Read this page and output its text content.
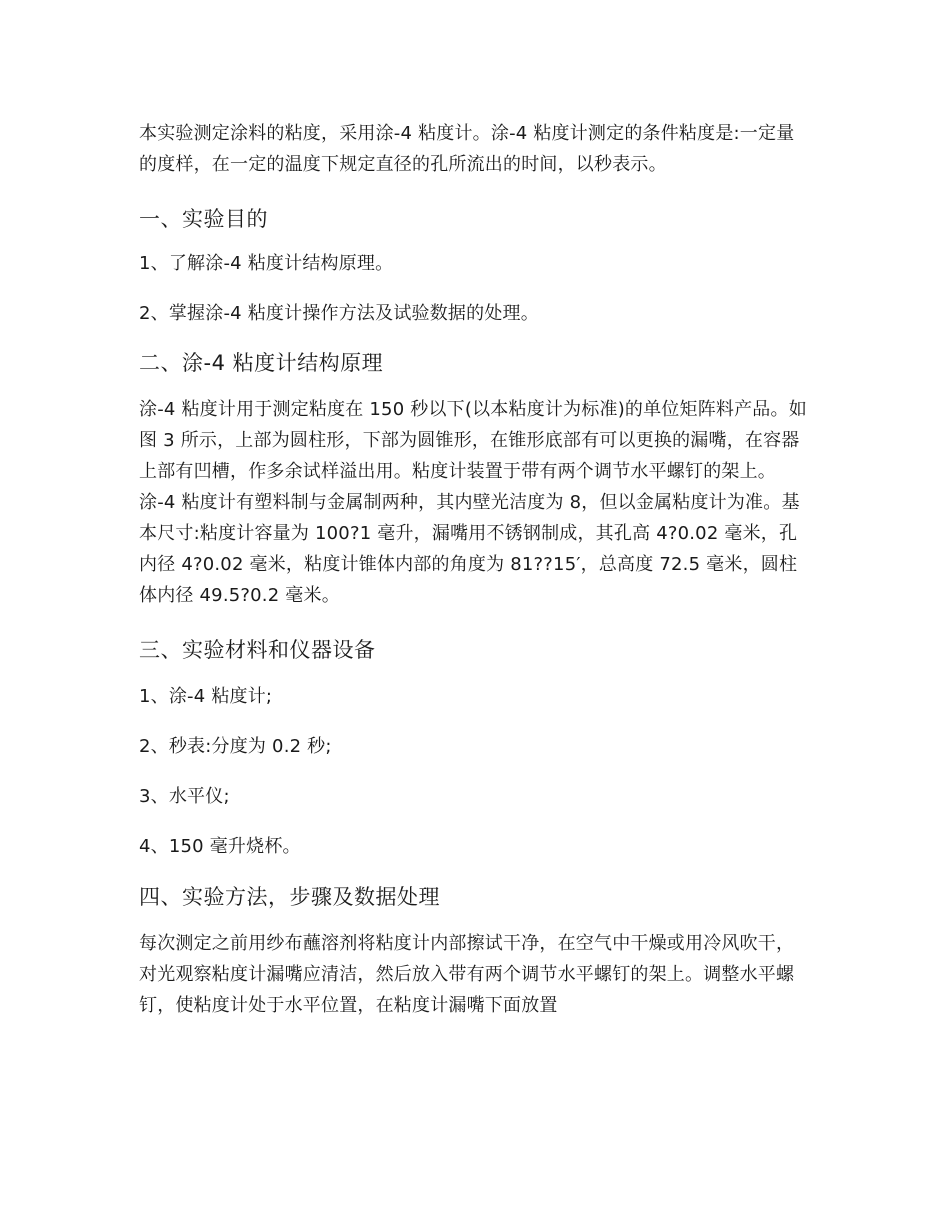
本实验测定涂料的粘度，采用涂-4 粘度计。涂-4 粘度计测定的条件粘度是:一定量的度样，在一定的温度下规定直径的孔所流出的时间，以秒表示。

一、实验目的

1、了解涂-4 粘度计结构原理。

2、掌握涂-4 粘度计操作方法及试验数据的处理。

二、涂-4 粘度计结构原理

涂-4 粘度计用于测定粘度在 150 秒以下(以本粘度计为标准)的单位矩阵料产品。如图 3 所示，上部为圆柱形，下部为圆锥形，在锥形底部有可以更换的漏嘴，在容器上部有凹槽，作多余试样溢出用。粘度计装置于带有两个调节水平螺钉的架上。涂-4 粘度计有塑料制与金属制两种，其内壁光洁度为 8，但以金属粘度计为准。基本尺寸:粘度计容量为 100?1 毫升，漏嘴用不锈钢制成，其孔高 4?0.02 毫米，孔内径 4?0.02 毫米，粘度计锥体内部的角度为 81??15′，总高度 72.5 毫米，圆柱体内径 49.5?0.2 毫米。

三、实验材料和仪器设备

1、涂-4 粘度计;

2、秒表:分度为 0.2 秒;

3、水平仪;

4、150 毫升烧杯。

四、实验方法，步骤及数据处理

每次测定之前用纱布蘸溶剂将粘度计内部擦试干净，在空气中干燥或用冷风吹干，对光观察粘度计漏嘴应清洁，然后放入带有两个调节水平螺钉的架上。调整水平螺钉，使粘度计处于水平位置，在粘度计漏嘴下面放置
